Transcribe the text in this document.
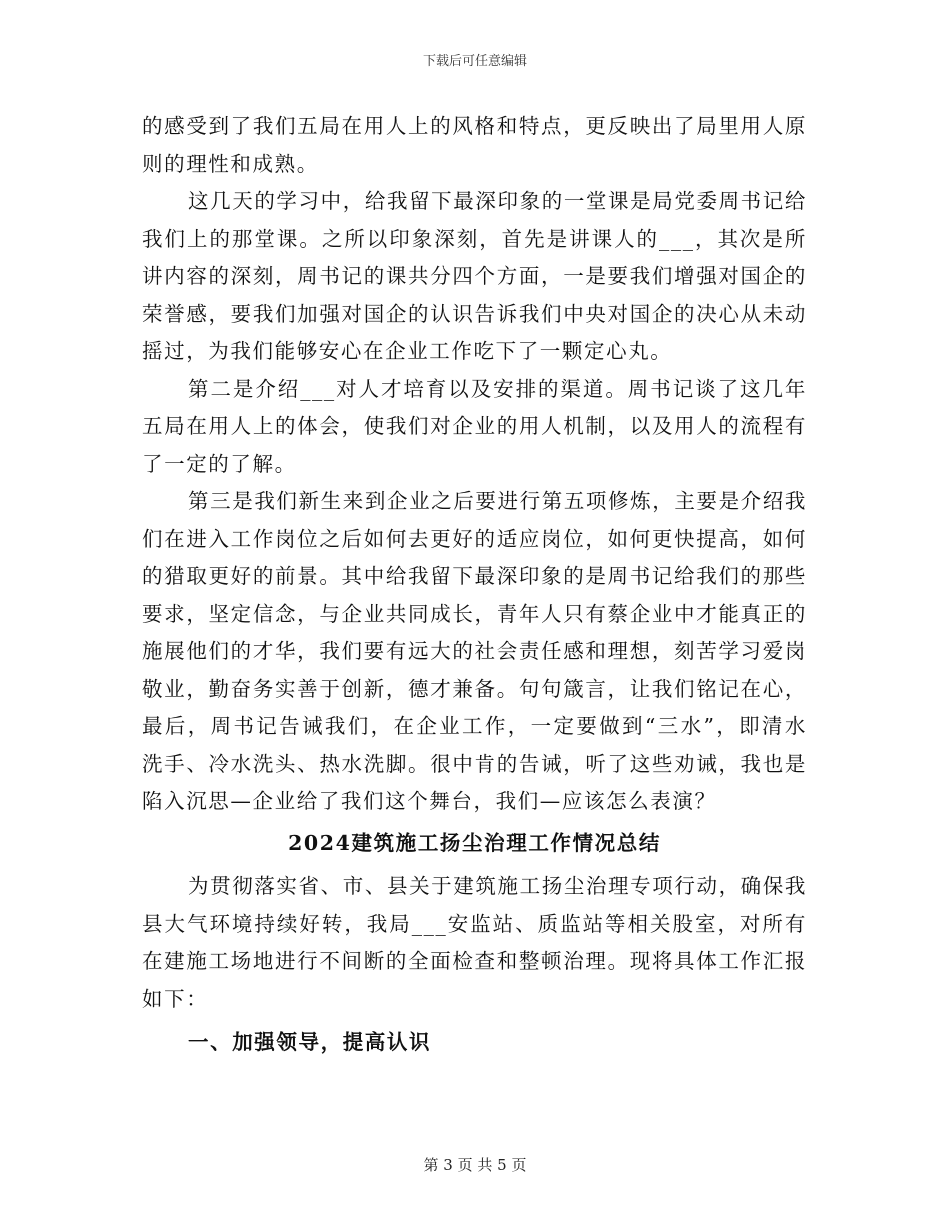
下载后可任意编辑

的感受到了我们五局在用人上的风格和特点，更反映出了局里用人原则的理性和成熟。

这几天的学习中，给我留下最深印象的一堂课是局党委周书记给我们上的那堂课。之所以印象深刻，首先是讲课人的___，其次是所讲内容的深刻，周书记的课共分四个方面，一是要我们增强对国企的荣誉感，要我们加强对国企的认识告诉我们中央对国企的决心从未动摇过，为我们能够安心在企业工作吃下了一颗定心丸。

第二是介绍___对人才培育以及安排的渠道。周书记谈了这几年五局在用人上的体会，使我们对企业的用人机制，以及用人的流程有了一定的了解。

第三是我们新生来到企业之后要进行第五项修炼，主要是介绍我们在进入工作岗位之后如何去更好的适应岗位，如何更快提高，如何的猎取更好的前景。其中给我留下最深印象的是周书记给我们的那些要求，坚定信念，与企业共同成长，青年人只有蔡企业中才能真正的施展他们的才华，我们要有远大的社会责任感和理想，刻苦学习爱岗敬业，勤奋务实善于创新，德才兼备。句句箴言，让我们铭记在心，最后，周书记告诫我们，在企业工作，一定要做到“三水”，即清水洗手、冷水洗头、热水洗脚。很中肯的告诫，听了这些劝诫，我也是陷入沉思—企业给了我们这个舞台，我们—应该怎么表演？

2024建筑施工扬尘治理工作情况总结

为贯彻落实省、市、县关于建筑施工扬尘治理专项行动，确保我县大气环境持续好转，我局___安监站、质监站等相关股室，对所有在建施工场地进行不间断的全面检查和整顿治理。现将具体工作汇报如下：

一、加强领导，提高认识

第 3 页 共 5 页
